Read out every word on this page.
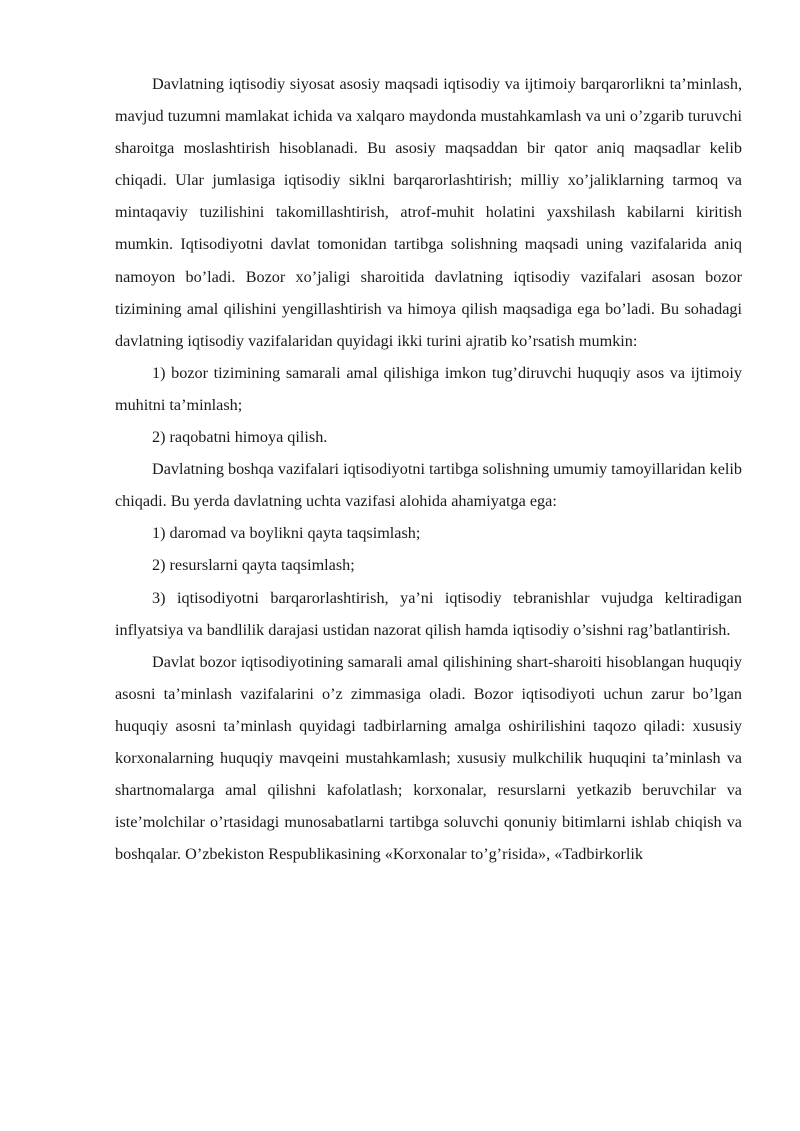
Davlatning iqtisodiy siyosat asosiy maqsadi iqtisodiy va ijtimoiy barqarorlikni ta’minlash, mavjud tuzumni mamlakat ichida va xalqaro maydonda mustahkamlash va uni o’zgarib turuvchi sharoitga moslashtirish hisoblanadi. Bu asosiy maqsaddan bir qator aniq maqsadlar kelib chiqadi. Ular jumlasiga iqtisodiy siklni barqarorlashtirish; milliy xo’jaliklarning tarmoq va mintaqaviy tuzilishini takomillashtirish, atrof-muhit holatini yaxshilash kabilarni kiritish mumkin. Iqtisodiyotni davlat tomonidan tartibga solishning maqsadi uning vazifalarida aniq namoyon bo’ladi. Bozor xo’jaligi sharoitida davlatning iqtisodiy vazifalari asosan bozor tizimining amal qilishini yengillashtirish va himoya qilish maqsadiga ega bo’ladi. Bu sohadagi davlatning iqtisodiy vazifalaridan quyidagi ikki turini ajratib ko’rsatish mumkin:

1) bozor tizimining samarali amal qilishiga imkon tug’diruvchi huquqiy asos va ijtimoiy muhitni ta’minlash;

2) raqobatni himoya qilish.

Davlatning boshqa vazifalari iqtisodiyotni tartibga solishning umumiy tamoyillaridan kelib chiqadi. Bu yerda davlatning uchta vazifasi alohida ahamiyatga ega:

1) daromad va boylikni qayta taqsimlash;

2) resurslarni qayta taqsimlash;

3) iqtisodiyotni barqarorlashtirish, ya’ni iqtisodiy tebranishlar vujudga keltiradigan inflyatsiya va bandlilik darajasi ustidan nazorat qilish hamda iqtisodiy o’sishni rag’batlantirish.

Davlat bozor iqtisodiyotining samarali amal qilishining shart-sharoiti hisoblangan huquqiy asosni ta’minlash vazifalarini o’z zimmasiga oladi. Bozor iqtisodiyoti uchun zarur bo’lgan huquqiy asosni ta’minlash quyidagi tadbirlarning amalga oshirilishini taqozo qiladi: xususiy korxonalarning huquqiy mavqeini mustahkamlash; xususiy mulkchilik huquqini ta’minlash va shartnomalarga amal qilishni kafolatlash; korxonalar, resurslarni yetkazib beruvchilar va iste’molchilar o’rtasidagi munosabatlarni tartibga soluvchi qonuniy bitimlarni ishlab chiqish va boshqalar. O’zbekiston Respublikasining «Korxonalar to’g’risida», «Tadbirkorlik
